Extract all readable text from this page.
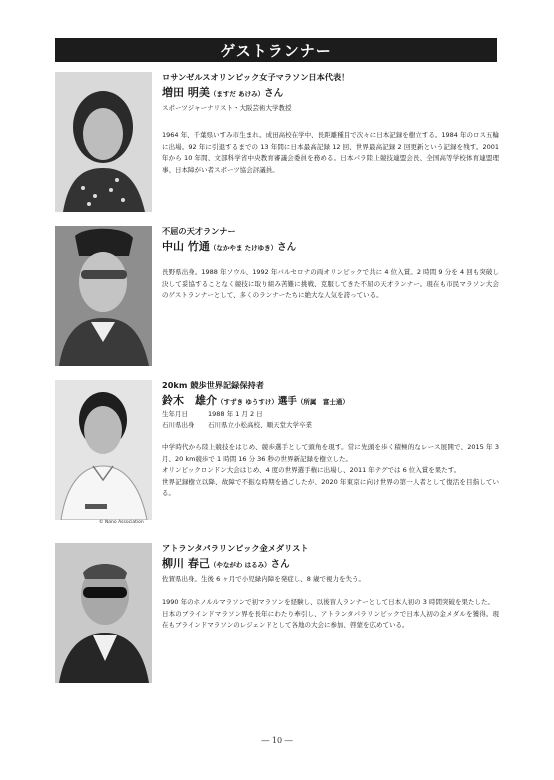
ゲストランナー

ロサンゼルスオリンピック女子マラソン日本代表！

増田 明美（ますだ あけみ）さん
スポーツジャーナリスト・大阪芸術大学教授

1964 年、千葉県いすみ市生まれ。成田高校在学中、長距離種目で次々に日本記録を樹立する。1984 年のロス五輪に出場。92 年に引退するまでの 13 年間に日本最高記録 12 回、世界最高記録 2 回更新という記録を残す。2001 年から 10 年間、文部科学省中央教育審議会委員を務める。日本パラ陸上競技連盟会長、全国高等学校体育連盟理事、日本障がい者スポーツ協会評議員。

不屈の天才ランナー

中山 竹通（なかやま たけゆき）さん

長野県出身。1988 年ソウル、1992 年バルセロナの両オリンピックで共に 4 位入賞。2 時間 9 分を 4 回も突破し決して妥協することなく競技に取り組み苦難に挑戦、克服してきた不屈の天才ランナー。現在も市民マラソン大会のゲストランナーとして、多くのランナーたちに絶大な人気を誇っている。

© Nano Association

20km 競歩世界記録保持者

鈴木　雄介（すずき ゆうすけ）選手（所属　富士通）
生年月日	1988 年 1 月 2 日
石川県出身	石川県立小松高校、順天堂大学卒業

中学時代から陸上競技をはじめ、競歩選手として頭角を現す。常に先頭を歩く積極的なレース展開で、2015 年 3 月、20 km競歩で 1 時間 16 分 36 秒の世界新記録を樹立した。

オリンピックロンドン大会はじめ、4 度の世界選手権に出場し、2011 年テグでは 6 位入賞を果たす。

世界記録樹立以降、故障で不振な時期を過ごしたが、2020 年東京に向け世界の第一人者として復活を目指している。

アトランタパラリンピック金メダリスト

柳川 春己（やながわ はるみ）さん
佐賀県出身。生後 6 ヶ月で小児緑内障を発症し、8 歳で視力を失う。

1990 年のホノルルマラソンで初マラソンを経験し、以後盲人ランナーとして日本人初の 3 時間突破を果たした。

日本のブラインドマラソン界を長年にわたり牽引し、アトランタパラリンピックで日本人初の金メダルを獲得。現在もブラインドマラソンのレジェンドとして各地の大会に参加、啓蒙を広めている。

― 10 ―
